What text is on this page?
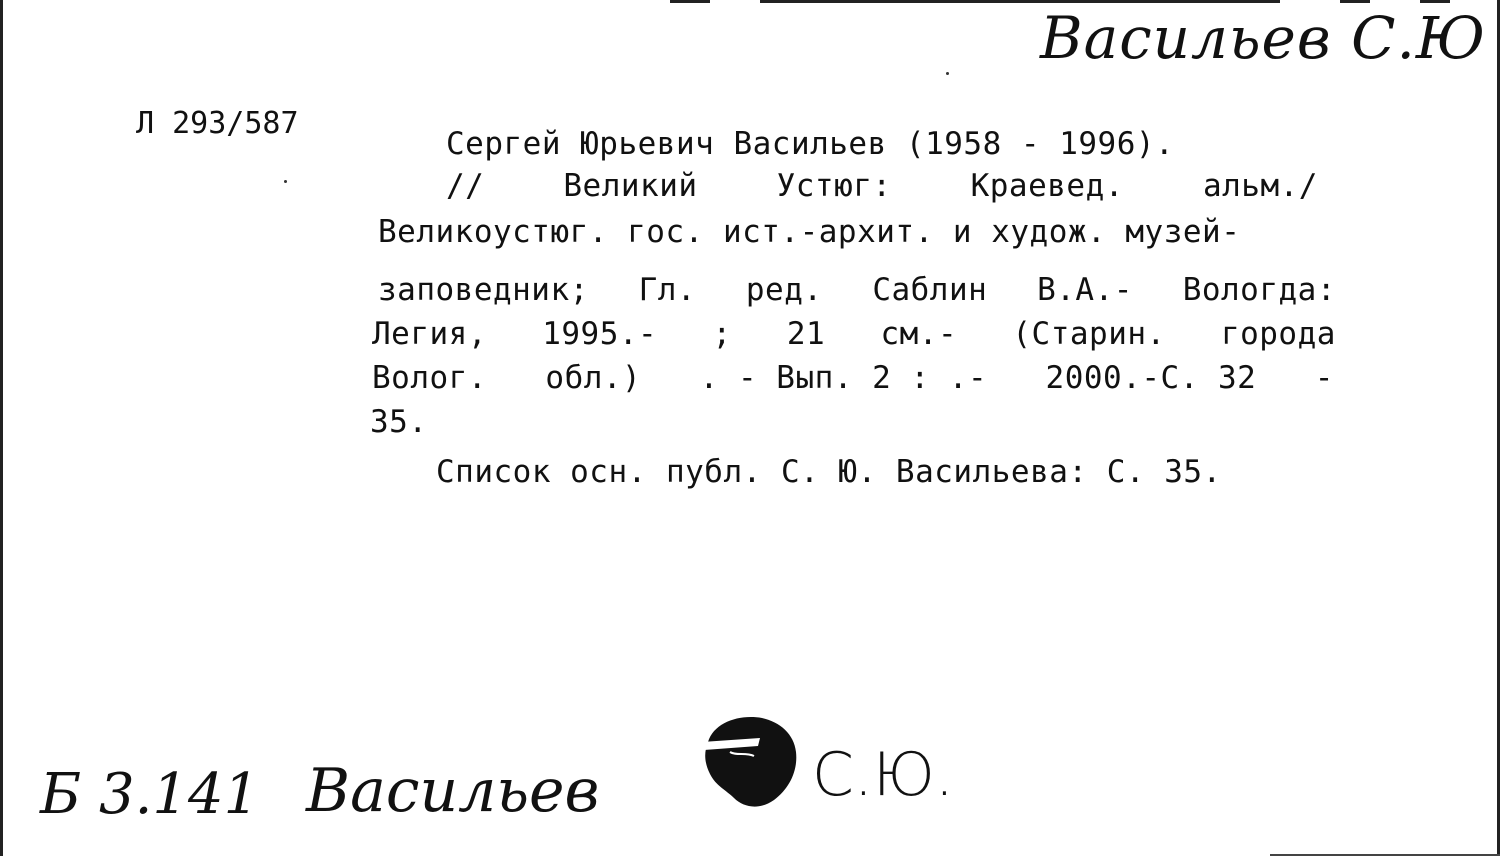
Васильев С.Ю
Л 293/587
Сергей Юрьевич Васильев (1958 - 1996).
//	Великий	Устюг:	Краевед.	альм./
Великоустюг. гос. ист.-архит. и худож. музей-
заповедник; Гл. ред. Саблин В.А.- Вологда:
Легия, 1995.- ; 21 см.- (Старин. города
Волог. обл.) . - Вып. 2 : .- 2000.-С. 32 -
35.
Список осн. публ. С. Ю. Васильева: С. 35.
Б 3.141 Васильев	С.Ю.
